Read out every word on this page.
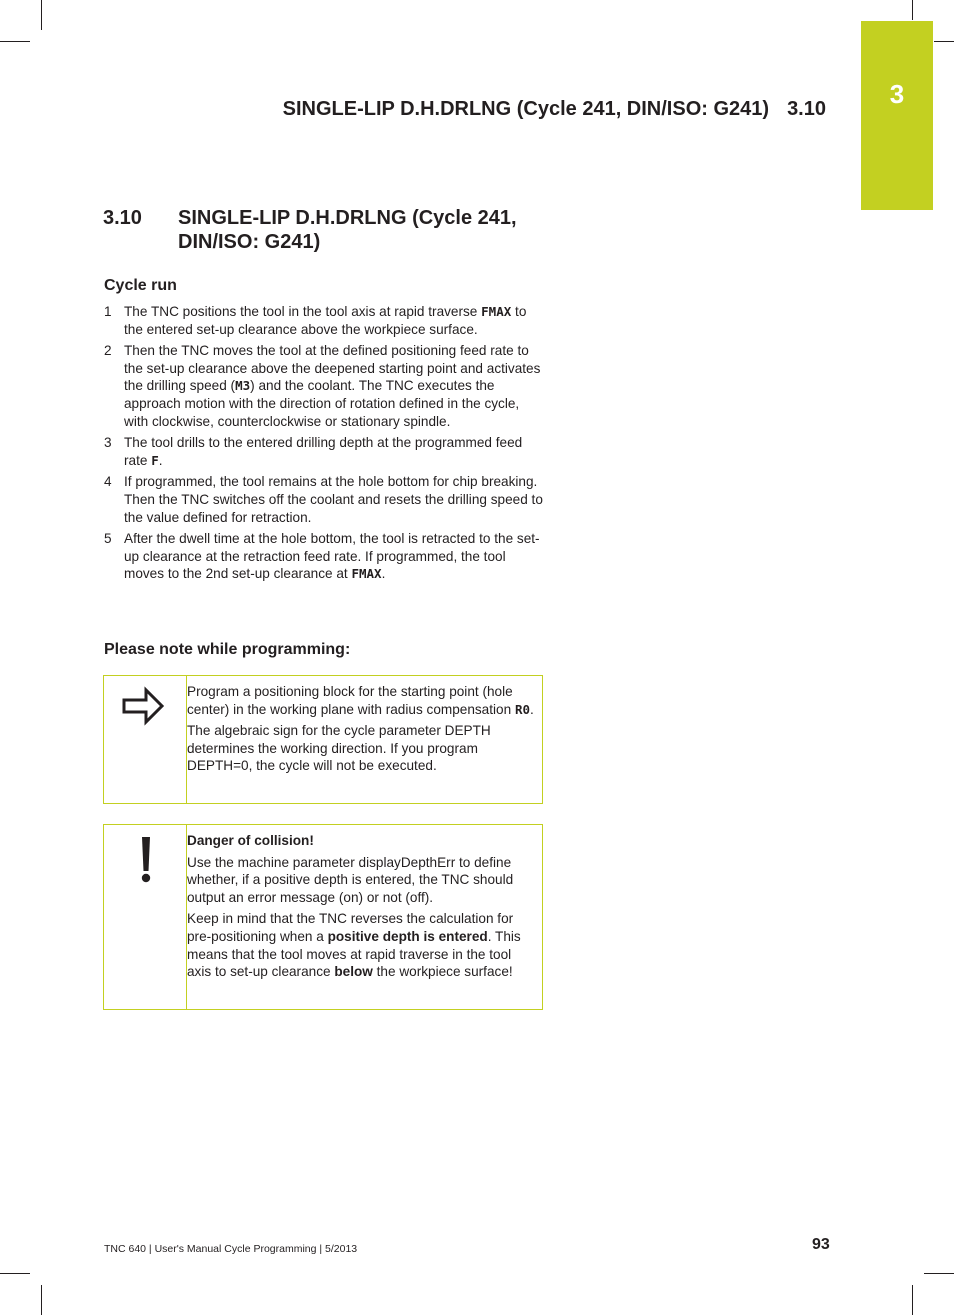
3
SINGLE-LIP D.H.DRLNG (Cycle 241, DIN/ISO: G241) 3.10
3.10 SINGLE-LIP D.H.DRLNG (Cycle 241, DIN/ISO: G241)
Cycle run
1 The TNC positions the tool in the tool axis at rapid traverse FMAX to the entered set-up clearance above the workpiece surface.
2 Then the TNC moves the tool at the defined positioning feed rate to the set-up clearance above the deepened starting point and activates the drilling speed (M3) and the coolant. The TNC executes the approach motion with the direction of rotation defined in the cycle, with clockwise, counterclockwise or stationary spindle.
3 The tool drills to the entered drilling depth at the programmed feed rate F.
4 If programmed, the tool remains at the hole bottom for chip breaking. Then the TNC switches off the coolant and resets the drilling speed to the value defined for retraction.
5 After the dwell time at the hole bottom, the tool is retracted to the set-up clearance at the retraction feed rate. If programmed, the tool moves to the 2nd set-up clearance at FMAX.
Please note while programming:

Program a positioning block for the starting point (hole center) in the working plane with radius compensation R0.

The algebraic sign for the cycle parameter DEPTH determines the working direction. If you program DEPTH=0, the cycle will not be executed.

Danger of collision!

Use the machine parameter displayDepthErr to define whether, if a positive depth is entered, the TNC should output an error message (on) or not (off).

Keep in mind that the TNC reverses the calculation for pre-positioning when a positive depth is entered. This means that the tool moves at rapid traverse in the tool axis to set-up clearance below the workpiece surface!

TNC 640 | User's Manual Cycle Programming | 5/2013	93
